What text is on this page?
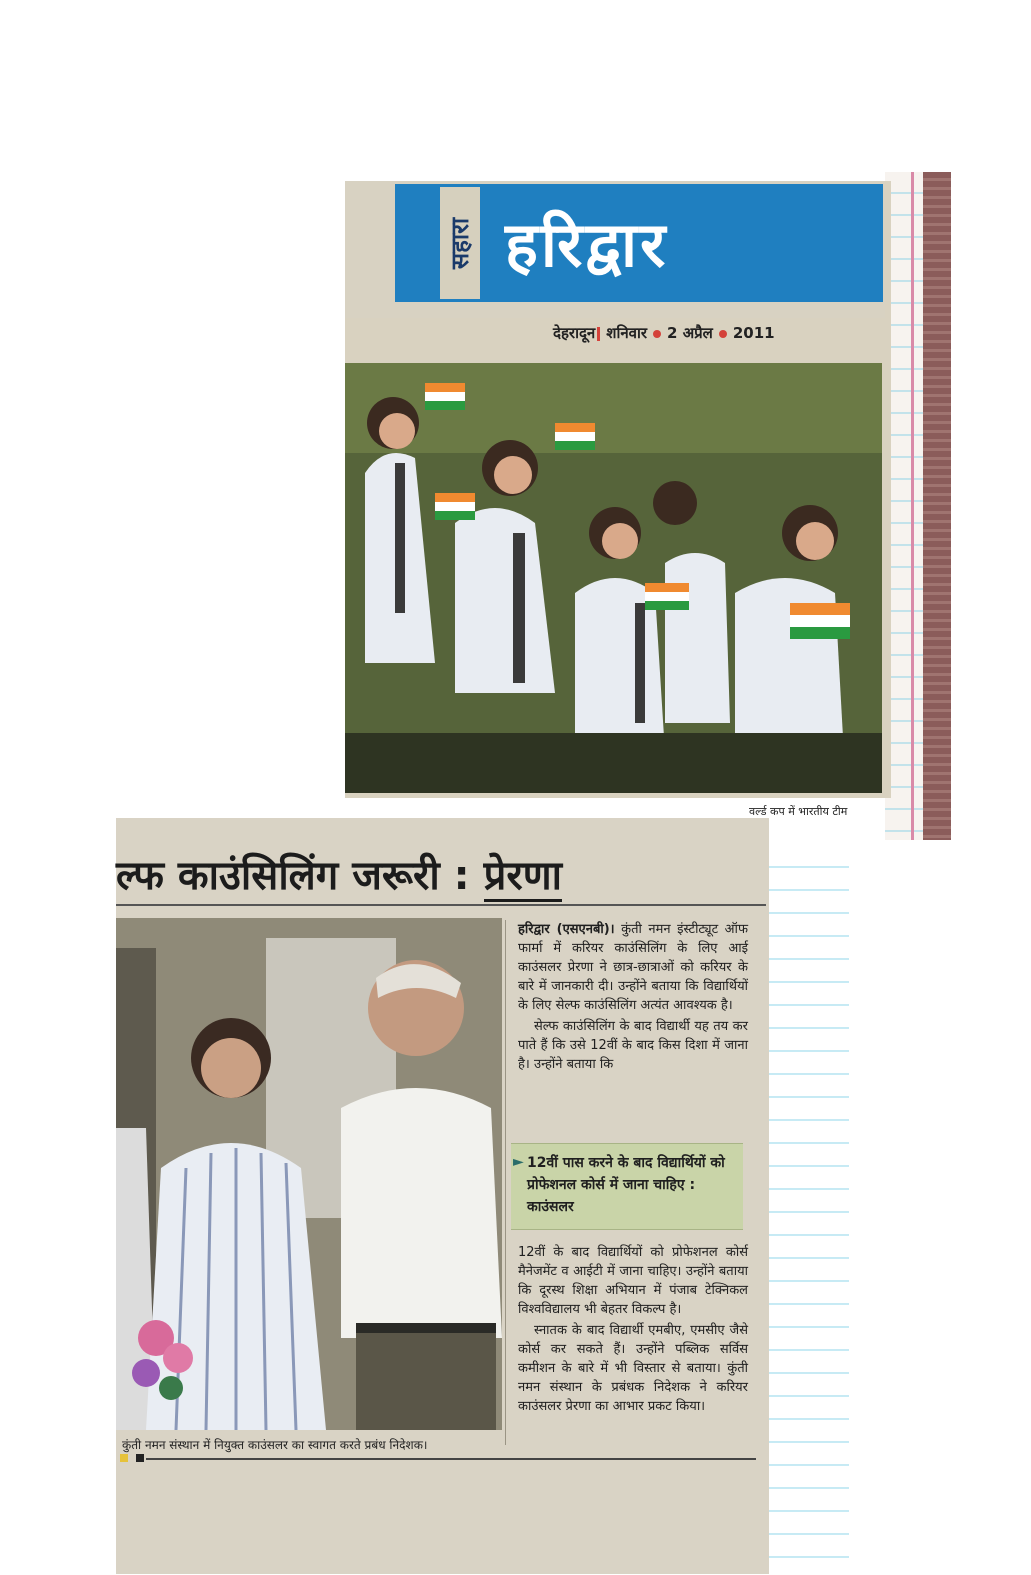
सहारा हरिद्वार
देहरादून शनिवार 2 अप्रैल 2011
वर्ल्ड कप में भारतीय टीम
ल्फ काउंसिलिंग जरूरी : प्रेरणा
कुंती नमन संस्थान में नियुक्त काउंसलर का स्वागत करते प्रबंध निदेशक।

हरिद्वार (एसएनबी)। कुंती नमन इंस्टीट्यूट ऑफ फार्मा में करियर काउंसिलिंग के लिए आई काउंसलर प्रेरणा ने छात्र-छात्राओं को करियर के बारे में जानकारी दी। उन्होंने बताया कि विद्यार्थियों के लिए सेल्फ काउंसिलिंग अत्यंत आवश्यक है।

सेल्फ काउंसिलिंग के बाद विद्यार्थी यह तय कर पाते हैं कि उसे 12वीं के बाद किस दिशा में जाना है। उन्होंने बताया कि

► 12वीं पास करने के बाद विद्यार्थियों को प्रोफेशनल कोर्स में जाना चाहिए : काउंसलर

12वीं के बाद विद्यार्थियों को प्रोफेशनल कोर्स मैनेजमेंट व आईटी में जाना चाहिए। उन्होंने बताया कि दूरस्थ शिक्षा अभियान में पंजाब टेक्निकल विश्वविद्यालय भी बेहतर विकल्प है।

स्नातक के बाद विद्यार्थी एमबीए, एमसीए जैसे कोर्स कर सकते हैं। उन्होंने पब्लिक सर्विस कमीशन के बारे में भी विस्तार से बताया। कुंती नमन संस्थान के प्रबंधक निदेशक ने करियर काउंसलर प्रेरणा का आभार प्रकट किया।
